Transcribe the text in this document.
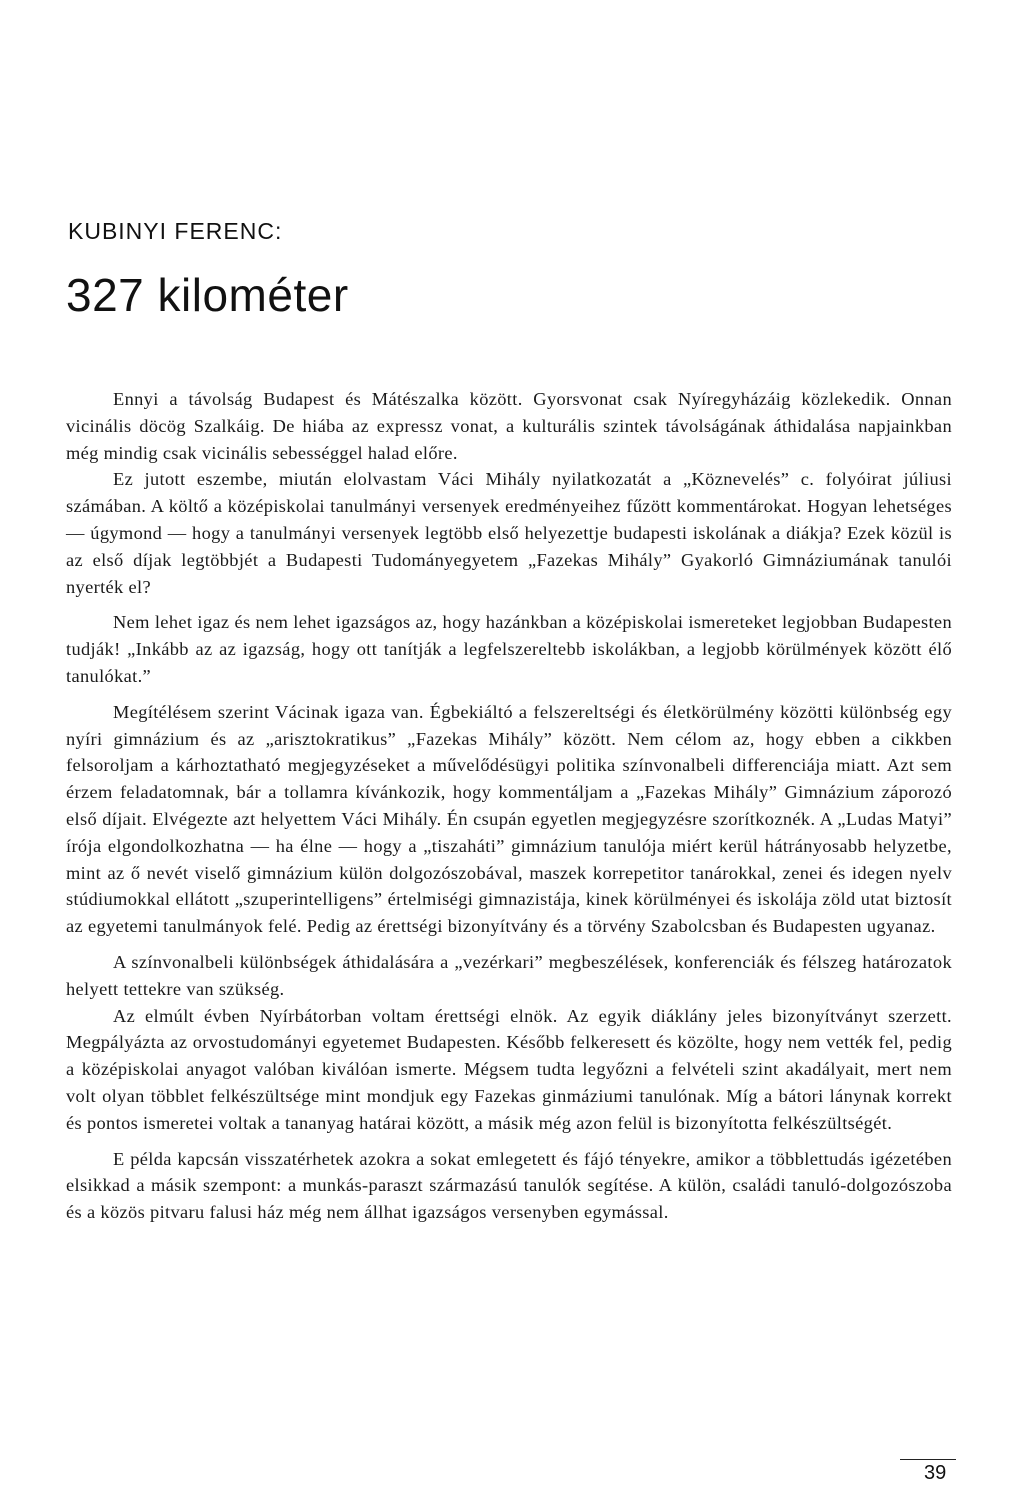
KUBINYI FERENC:
327 kilométer

Ennyi a távolság Budapest és Mátészalka között. Gyorsvonat csak Nyíregyházáig közlekedik. Onnan vicinális döcög Szalkáig. De hiába az expressz vonat, a kulturális szintek távolságának áthidalása napjainkban még mindig csak vicinális sebességgel halad előre.

Ez jutott eszembe, miután elolvastam Váci Mihály nyilatkozatát a „Köznevelés” c. folyóirat júliusi számában. A költő a középiskolai tanulmányi versenyek eredményeihez fűzött kommentárokat. Hogyan lehetséges — úgymond — hogy a tanulmányi versenyek legtöbb első helyezettje budapesti iskolának a diákja? Ezek közül is az első díjak legtöbbjét a Budapesti Tudományegyetem „Fazekas Mihály” Gyakorló Gimnáziumának tanulói nyerték el?

Nem lehet igaz és nem lehet igazságos az, hogy hazánkban a középiskolai ismereteket legjobban Budapesten tudják! „Inkább az az igazság, hogy ott tanítják a legfelszereltebb iskolákban, a legjobb körülmények között élő tanulókat.”

Megítélésem szerint Vácinak igaza van. Égbekiáltó a felszereltségi és életkörülmény közötti különbség egy nyíri gimnázium és az „arisztokratikus” „Fazekas Mihály” között. Nem célom az, hogy ebben a cikkben felsoroljam a kárhoztatható megjegyzéseket a művelődésügyi politika színvonalbeli differenciája miatt. Azt sem érzem feladatomnak, bár a tollamra kívánkozik, hogy kommentáljam a „Fazekas Mihály” Gimnázium záporozó első díjait. Elvégezte azt helyettem Váci Mihály. Én csupán egyetlen megjegyzésre szorítkoznék. A „Ludas Matyi” írója elgondolkozhatna — ha élne — hogy a „tiszaháti” gimnázium tanulója miért kerül hátrányosabb helyzetbe, mint az ő nevét viselő gimnázium külön dolgozószobával, maszek korrepetitor tanárokkal, zenei és idegen nyelv stúdiumokkal ellátott „szuperintelligens” értelmiségi gimnazistája, kinek körülményei és iskolája zöld utat biztosít az egyetemi tanulmányok felé. Pedig az érettségi bizonyítvány és a törvény Szabolcsban és Budapesten ugyanaz.

A színvonalbeli különbségek áthidalására a „vezérkari” megbeszélések, konferenciák és félszeg határozatok helyett tettekre van szükség.

Az elmúlt évben Nyírbátorban voltam érettségi elnök. Az egyik diáklány jeles bizonyítványt szerzett. Megpályázta az orvostudományi egyetemet Budapesten. Később felkeresett és közölte, hogy nem vették fel, pedig a középiskolai anyagot valóban kiválóan ismerte. Mégsem tudta legyőzni a felvételi szint akadályait, mert nem volt olyan többlet felkészültsége mint mondjuk egy Fazekas ginmáziumi tanulónak. Míg a bátori lánynak korrekt és pontos ismeretei voltak a tananyag határai között, a másik még azon felül is bizonyította felkészültségét.

E példa kapcsán visszatérhetek azokra a sokat emlegetett és fájó tényekre, amikor a többlettudás igézetében elsikkad a másik szempont: a munkás-paraszt származású tanulók segítése. A külön, családi tanuló-dolgozószoba és a közös pitvaru falusi ház még nem állhat igazságos versenyben egymással.

39
